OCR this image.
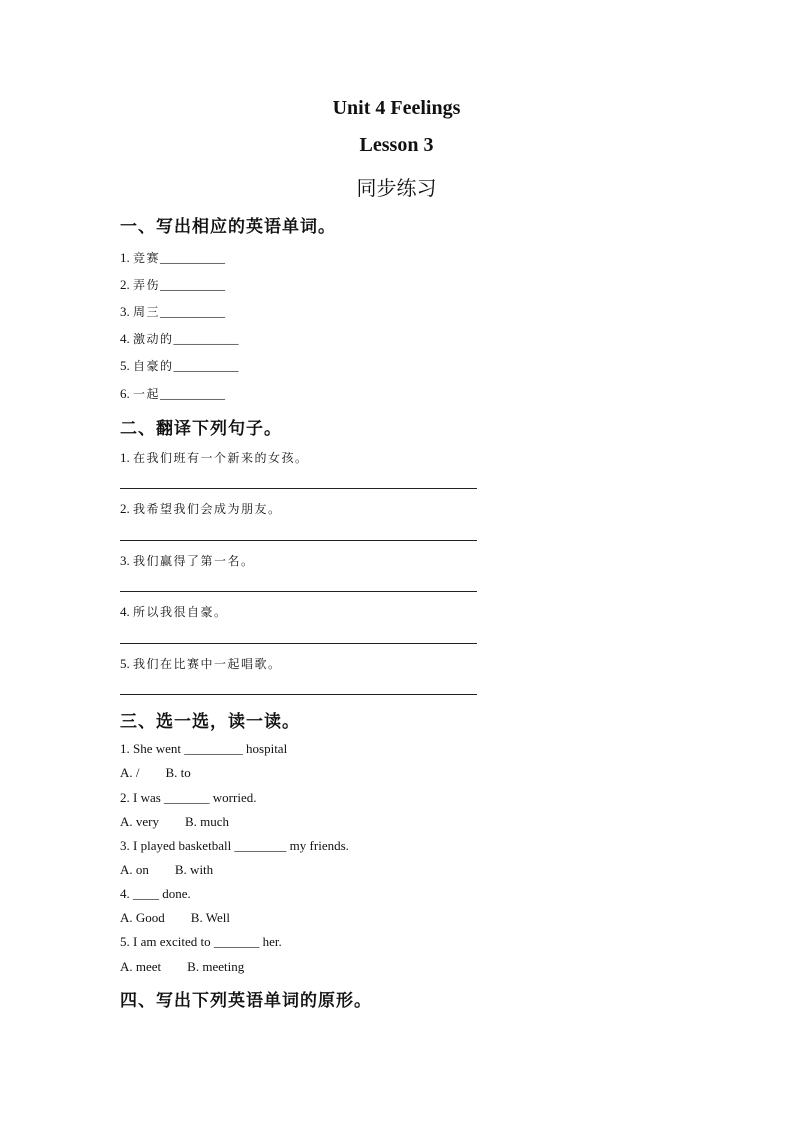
Unit 4 Feelings
Lesson 3
同步练习
一、写出相应的英语单词。
1. 竞赛__________
2. 弄伤__________
3. 周三__________
4. 激动的__________
5. 自豪的__________
6. 一起__________
二、翻译下列句子。
1. 在我们班有一个新来的女孩。
2. 我希望我们会成为朋友。
3. 我们赢得了第一名。
4. 所以我很自豪。
5. 我们在比赛中一起唱歌。
三、选一选，读一读。
1. She went _________ hospital
A. / B. to
2. I was _______ worried.
A. very B. much
3. I played basketball ________ my friends.
A. on B. with
4. ____ done.
A. Good B. Well
5. I am excited to _______ her.
A. meet B. meeting
四、写出下列英语单词的原形。
